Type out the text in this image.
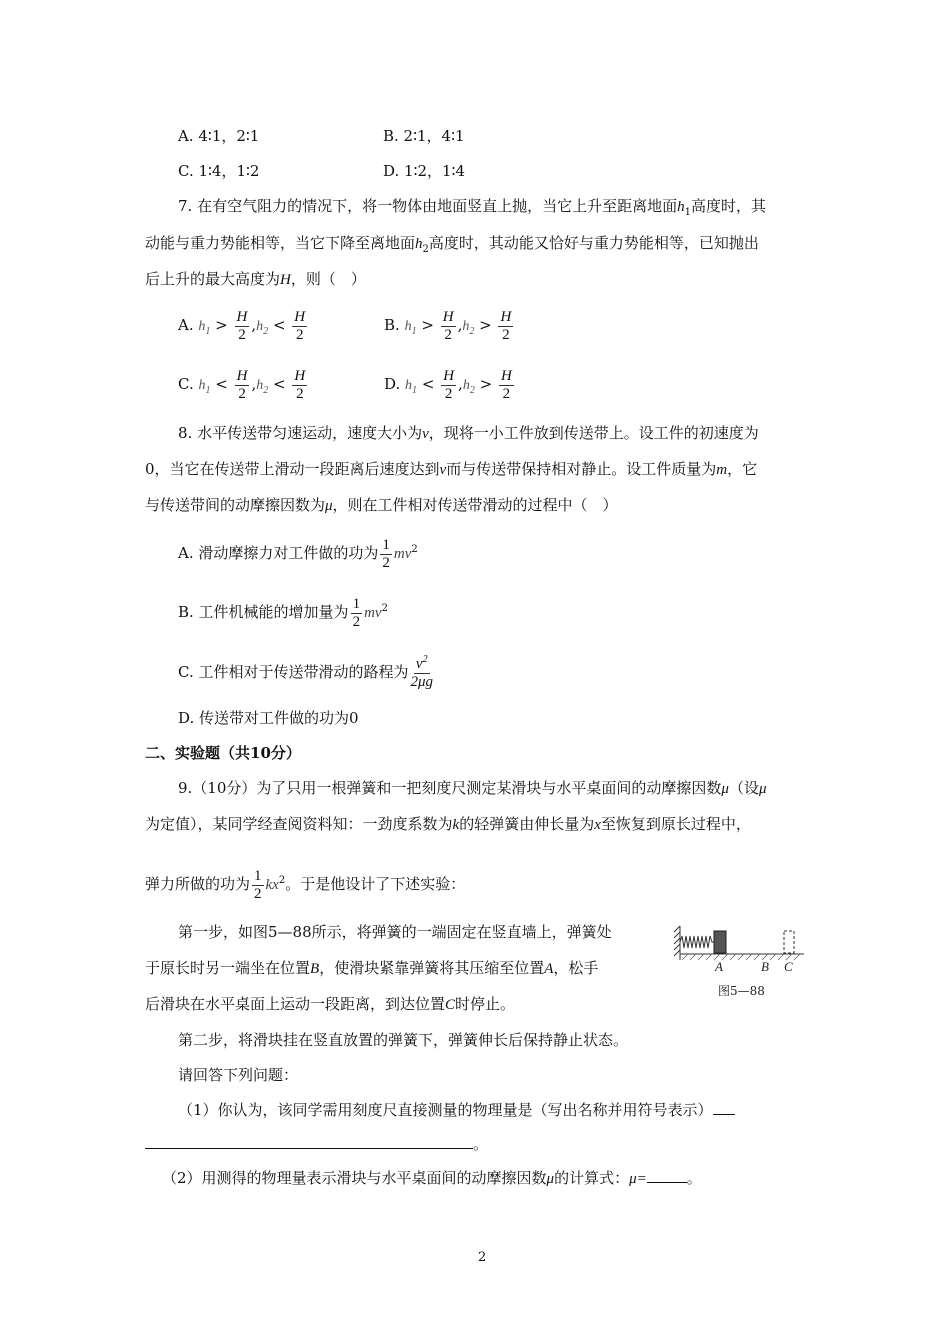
A. 4∶1，2∶1	B. 2∶1，4∶1
C. 1∶4，1∶2	D. 1∶2，1∶4
7. 在有空气阻力的情况下，将一物体由地面竖直上抛，当它上升至距离地面$h_1$高度时，其
动能与重力势能相等，当它下降至离地面$h_2$高度时，其动能又恰好与重力势能相等，已知抛出
后上升的最大高度为H，则（　）
A. $h_1 > \frac{H}{2} ,h_2 < \frac{H}{2}$	B. $h_1 > \frac{H}{2} ,h_2 > \frac{H}{2}$
C. $h_1 < \frac{H}{2} ,h_2 < \frac{H}{2}$	D. $h_1 < \frac{H}{2} ,h_2 > \frac{H}{2}$
8. 水平传送带匀速运动，速度大小为v，现将一小工件放到传送带上。设工件的初速度为
0，当它在传送带上滑动一段距离后速度达到v而与传送带保持相对静止。设工件质量为m，它
与传送带间的动摩擦因数为μ，则在工件相对传送带滑动的过程中（　）
A. 滑动摩擦力对工件做的功为 $\frac{1}{2} mv^2$
B. 工件机械能的增加量为 $\frac{1}{2} mv^2$
C. 工件相对于传送带滑动的路程为 $\frac{v^2}{2\mu g}$
D. 传送带对工件做的功为0
二、实验题（共10分）
9.（10分）为了只用一根弹簧和一把刻度尺测定某滑块与水平桌面间的动摩擦因数μ（设μ
为定值），某同学经查阅资料知：一劲度系数为k的轻弹簧由伸长量为x至恢复到原长过程中，
弹力所做的功为 $\frac{1}{2} kx^2$。于是他设计了下述实验：
第一步，如图5—88所示，将弹簧的一端固定在竖直墙上，弹簧处
于原长时另一端坐在位置B，使滑块紧靠弹簧将其压缩至位置A，松手
后滑块在水平桌面上运动一段距离，到达位置C时停止。
A	B C
图5—88
第二步，将滑块挂在竖直放置的弹簧下，弹簧伸长后保持静止状态。
请回答下列问题：
（1）你认为，该同学需用刻度尺直接测量的物理量是（写出名称并用符号表示）
。
（2）用测得的物理量表示滑块与水平桌面间的动摩擦因数μ的计算式：μ=	。
2
